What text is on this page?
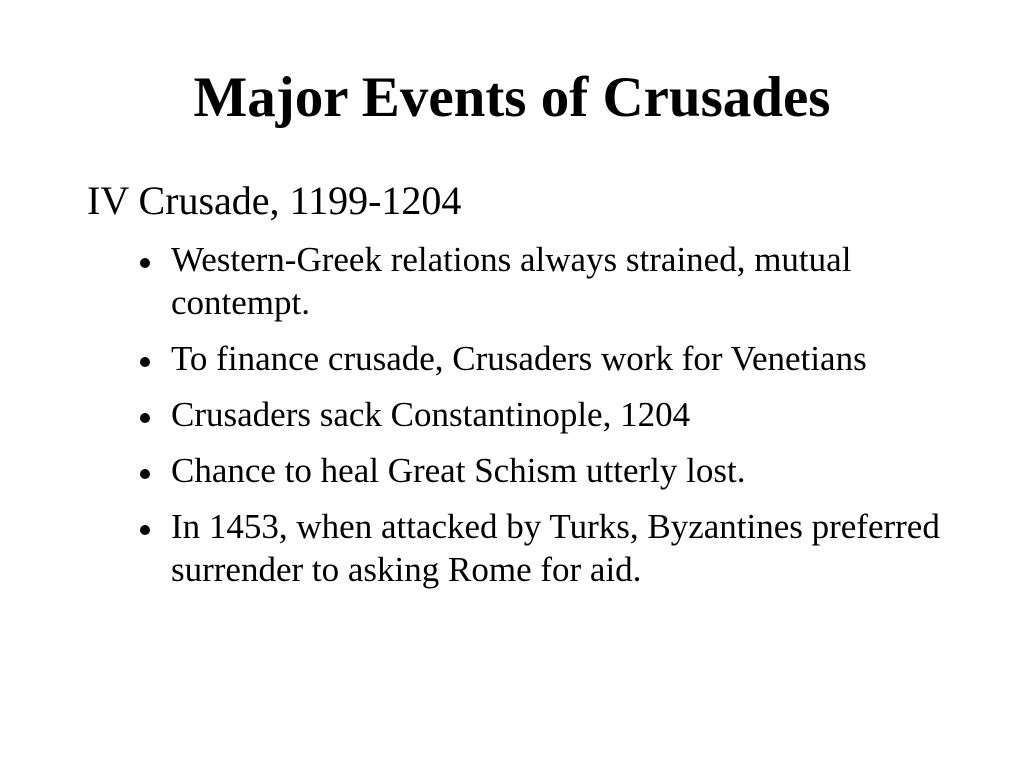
Major Events of Crusades
IV Crusade, 1199-1204
Western-Greek relations always strained, mutual contempt.
To finance crusade, Crusaders work for Venetians
Crusaders sack Constantinople, 1204
Chance to heal Great Schism utterly lost.
In 1453, when attacked by Turks, Byzantines preferred surrender to asking Rome for aid.
